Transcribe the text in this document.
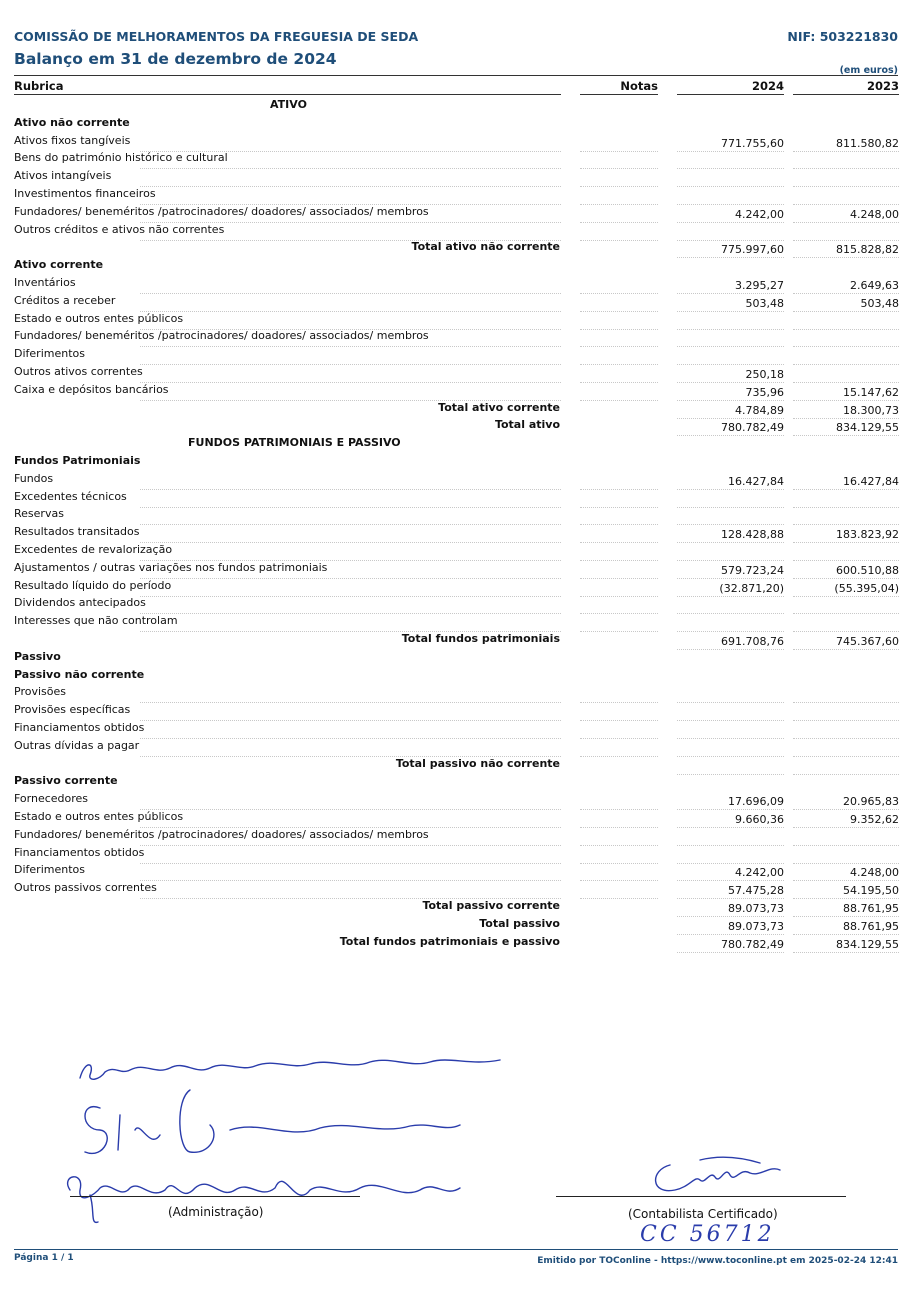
COMISSÃO DE MELHORAMENTOS DA FREGUESIA DE SEDA	NIF: 503221830
Balanço em 31 de dezembro de 2024
(em euros)
Rubrica	Notas	2024	2023
ATIVO
Ativo não corrente
Ativos fixos tangíveis	771.755,60	811.580,82
Bens do património histórico e cultural
Ativos intangíveis
Investimentos financeiros
Fundadores/ beneméritos /patrocinadores/ doadores/ associados/ membros	4.242,00	4.248,00
Outros créditos e ativos não correntes
Total ativo não corrente	775.997,60	815.828,82
Ativo corrente
Inventários	3.295,27	2.649,63
Créditos a receber	503,48	503,48
Estado e outros entes públicos
Fundadores/ beneméritos /patrocinadores/ doadores/ associados/ membros
Diferimentos
Outros ativos correntes	250,18
Caixa e depósitos bancários	735,96	15.147,62
Total ativo corrente	4.784,89	18.300,73
Total ativo	780.782,49	834.129,55
FUNDOS PATRIMONIAIS E PASSIVO
Fundos Patrimoniais
Fundos	16.427,84	16.427,84
Excedentes técnicos
Reservas
Resultados transitados	128.428,88	183.823,92
Excedentes de revalorização
Ajustamentos / outras variações nos fundos patrimoniais	579.723,24	600.510,88
Resultado líquido do período	(32.871,20)	(55.395,04)
Dividendos antecipados
Interesses que não controlam
Total fundos patrimoniais	691.708,76	745.367,60
Passivo
Passivo não corrente
Provisões
Provisões específicas
Financiamentos obtidos
Outras dívidas a pagar
Total passivo não corrente
Passivo corrente
Fornecedores	17.696,09	20.965,83
Estado e outros entes públicos	9.660,36	9.352,62
Fundadores/ beneméritos /patrocinadores/ doadores/ associados/ membros
Financiamentos obtidos
Diferimentos	4.242,00	4.248,00
Outros passivos correntes	57.475,28	54.195,50
Total passivo corrente	89.073,73	88.761,95
Total passivo	89.073,73	88.761,95
Total fundos patrimoniais e passivo	780.782,49	834.129,55
(Administração)	(Contabilista Certificado)
CC 56712
Página 1 / 1	Emitido por TOConline - https://www.toconline.pt em 2025-02-24 12:41
